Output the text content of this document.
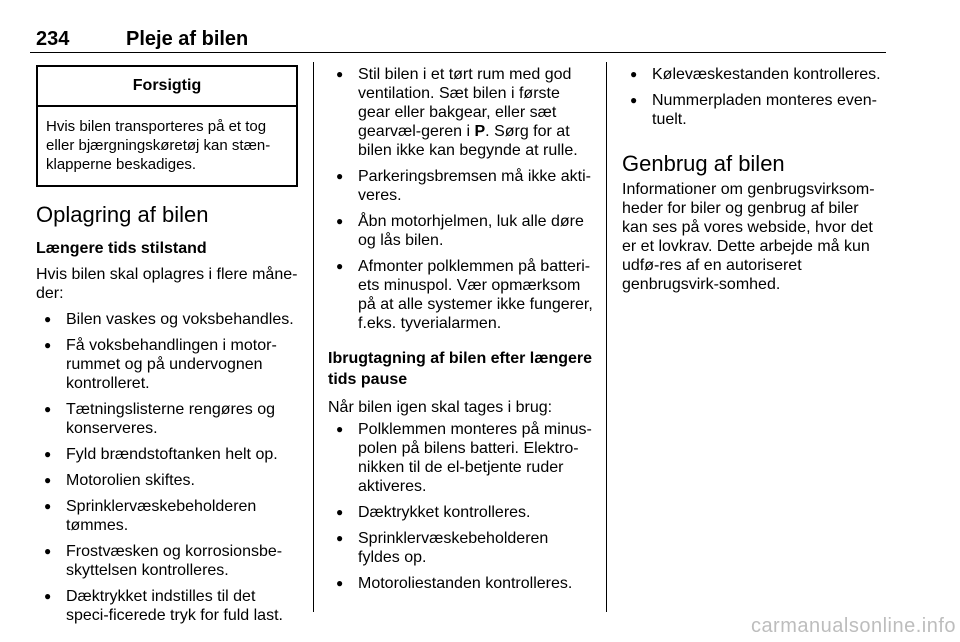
234	Pleje af bilen
Forsigtig
Hvis bilen transporteres på et tog eller bjærgningskøretøj kan stæn-klapperne beskadiges.
Oplagring af bilen
Længere tids stilstand

Hvis bilen skal oplagres i flere måne-der:

● Bilen vaskes og voksbehandles.
● Få voksbehandlingen i motor-rummet og på undervognen kontrolleret.
● Tætningslisterne rengøres og konserveres.
● Fyld brændstoftanken helt op.
● Motorolien skiftes.
● Sprinklervæskebeholderen tømmes.
● Frostvæsken og korrosionsbe-skyttelsen kontrolleres.
● Dæktrykket indstilles til det speci-ficerede tryk for fuld last.
● Stil bilen i et tørt rum med god ventilation. Sæt bilen i første gear eller bakgear, eller sæt gearvæl-geren i P. Sørg for at bilen ikke kan begynde at rulle.
● Parkeringsbremsen må ikke akti-veres.
● Åbn motorhjelmen, luk alle døre og lås bilen.
● Afmonter polklemmen på batteri-ets minuspol. Vær opmærksom på at alle systemer ikke fungerer, f.eks. tyverialarmen.
Ibrugtagning af bilen efter længere tids pause

Når bilen igen skal tages i brug:

● Polklemmen monteres på minus-polen på bilens batteri. Elektro-nikken til de el-betjente ruder aktiveres.
● Dæktrykket kontrolleres.
● Sprinklervæskebeholderen fyldes op.
● Motoroliestanden kontrolleres.
● Kølevæskestanden kontrolleres.
● Nummerpladen monteres even-tuelt.
Genbrug af bilen

Informationer om genbrugsvirksom-heder for biler og genbrug af biler kan ses på vores webside, hvor det er et lovkrav. Dette arbejde må kun udfø-res af en autoriseret genbrugsvirk-somhed.

carmanualsonline.info
